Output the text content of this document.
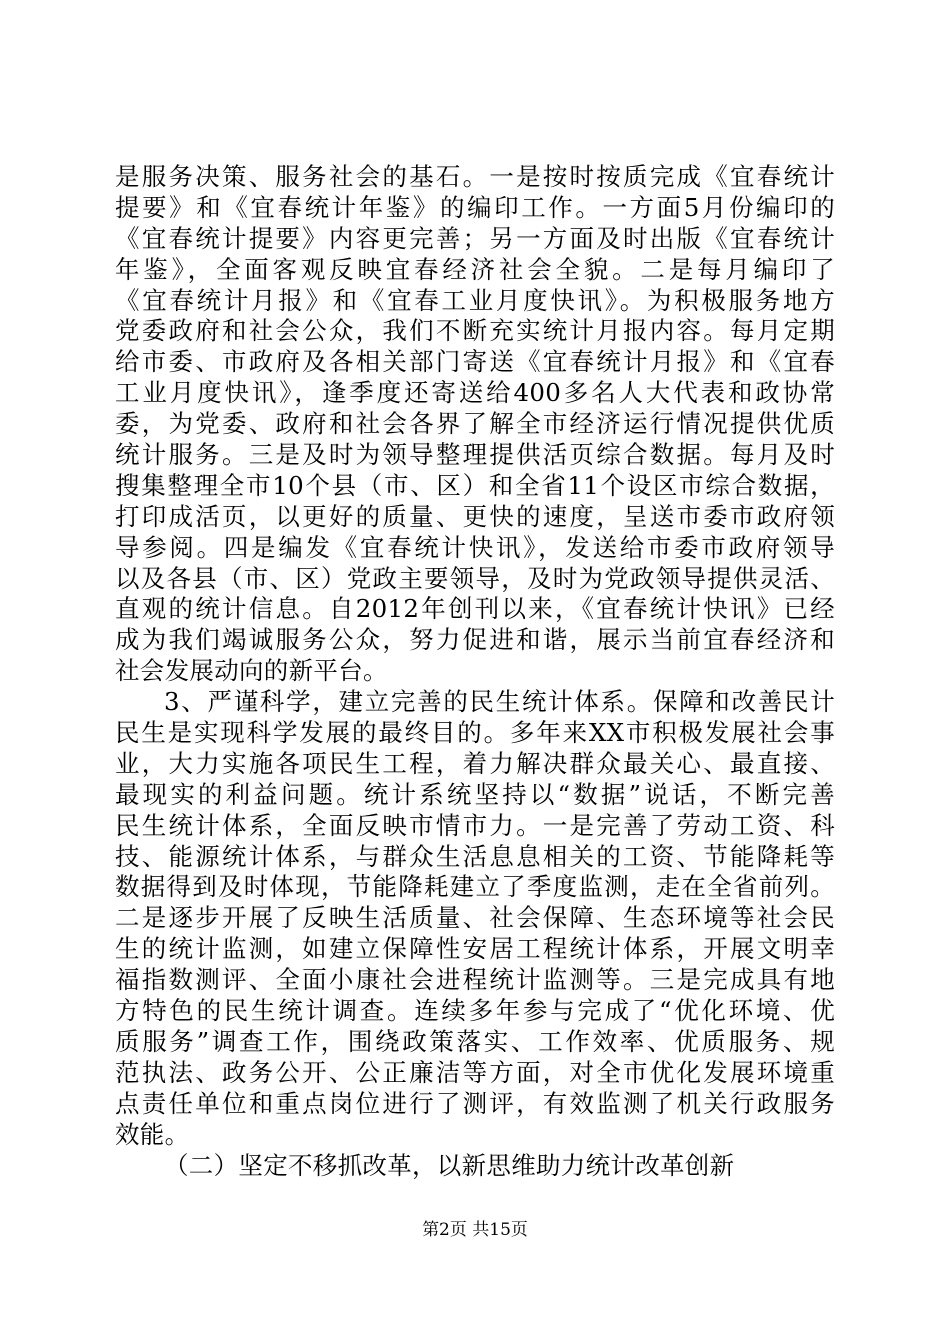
是服务决策、服务社会的基石。一是按时按质完成《宜春统计
提要》和《宜春统计年鉴》的编印工作。一方面5月份编印的
《宜春统计提要》内容更完善；另一方面及时出版《宜春统计
年鉴》，全面客观反映宜春经济社会全貌。二是每月编印了
《宜春统计月报》和《宜春工业月度快讯》。为积极服务地方
党委政府和社会公众，我们不断充实统计月报内容。每月定期
给市委、市政府及各相关部门寄送《宜春统计月报》和《宜春
工业月度快讯》，逢季度还寄送给400多名人大代表和政协常
委，为党委、政府和社会各界了解全市经济运行情况提供优质
统计服务。三是及时为领导整理提供活页综合数据。每月及时
搜集整理全市10个县（市、区）和全省11个设区市综合数据，
打印成活页，以更好的质量、更快的速度，呈送市委市政府领
导参阅。四是编发《宜春统计快讯》，发送给市委市政府领导
以及各县（市、区）党政主要领导，及时为党政领导提供灵活、
直观的统计信息。自2012年创刊以来，《宜春统计快讯》已经
成为我们竭诚服务公众，努力促进和谐，展示当前宜春经济和
社会发展动向的新平台。
3、严谨科学，建立完善的民生统计体系。保障和改善民计
民生是实现科学发展的最终目的。多年来XX市积极发展社会事
业，大力实施各项民生工程，着力解决群众最关心、最直接、
最现实的利益问题。统计系统坚持以“数据”说话，不断完善
民生统计体系，全面反映市情市力。一是完善了劳动工资、科
技、能源统计体系，与群众生活息息相关的工资、节能降耗等
数据得到及时体现，节能降耗建立了季度监测，走在全省前列。
二是逐步开展了反映生活质量、社会保障、生态环境等社会民
生的统计监测，如建立保障性安居工程统计体系，开展文明幸
福指数测评、全面小康社会进程统计监测等。三是完成具有地
方特色的民生统计调查。连续多年参与完成了“优化环境、优
质服务”调查工作，围绕政策落实、工作效率、优质服务、规
范执法、政务公开、公正廉洁等方面，对全市优化发展环境重
点责任单位和重点岗位进行了测评，有效监测了机关行政服务
效能。
（二）坚定不移抓改革，以新思维助力统计改革创新
第2页 共15页
